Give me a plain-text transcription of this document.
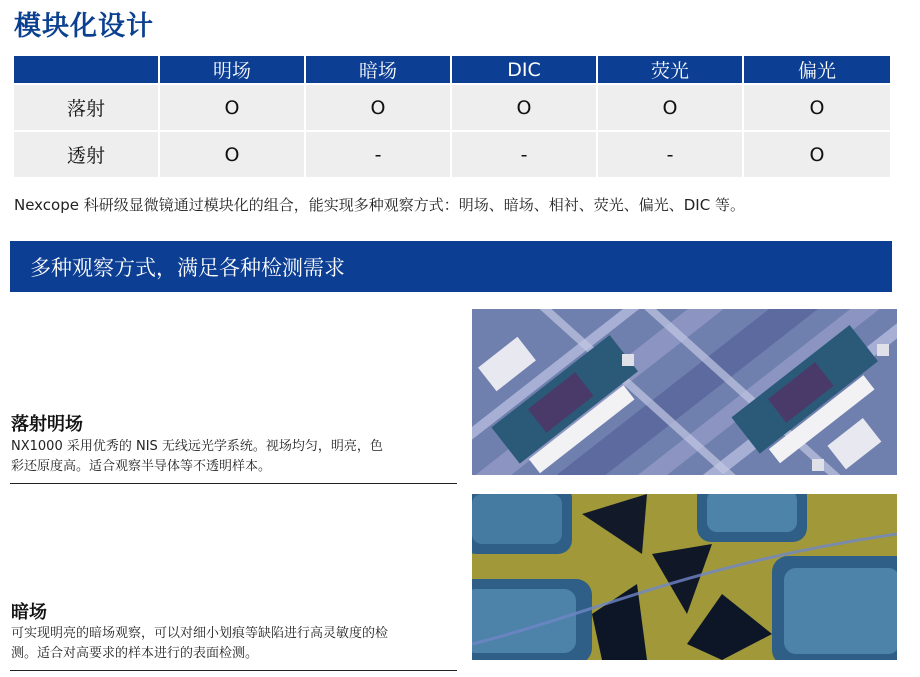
模块化设计
	明场	暗场	DIC	荧光	偏光
落射	O	O	O	O	O
透射	O	-	-	-	O
Nexcope 科研级显微镜通过模块化的组合，能实现多种观察方式：明场、暗场、相衬、荧光、偏光、DIC 等。
多种观察方式，满足各种检测需求
落射明场
NX1000 采用优秀的 NIS 无线远光学系统。视场均匀，明亮，色
彩还原度高。适合观察半导体等不透明样本。
暗场
可实现明亮的暗场观察，可以对细小划痕等缺陷进行高灵敏度的检
测。适合对高要求的样本进行的表面检测。
